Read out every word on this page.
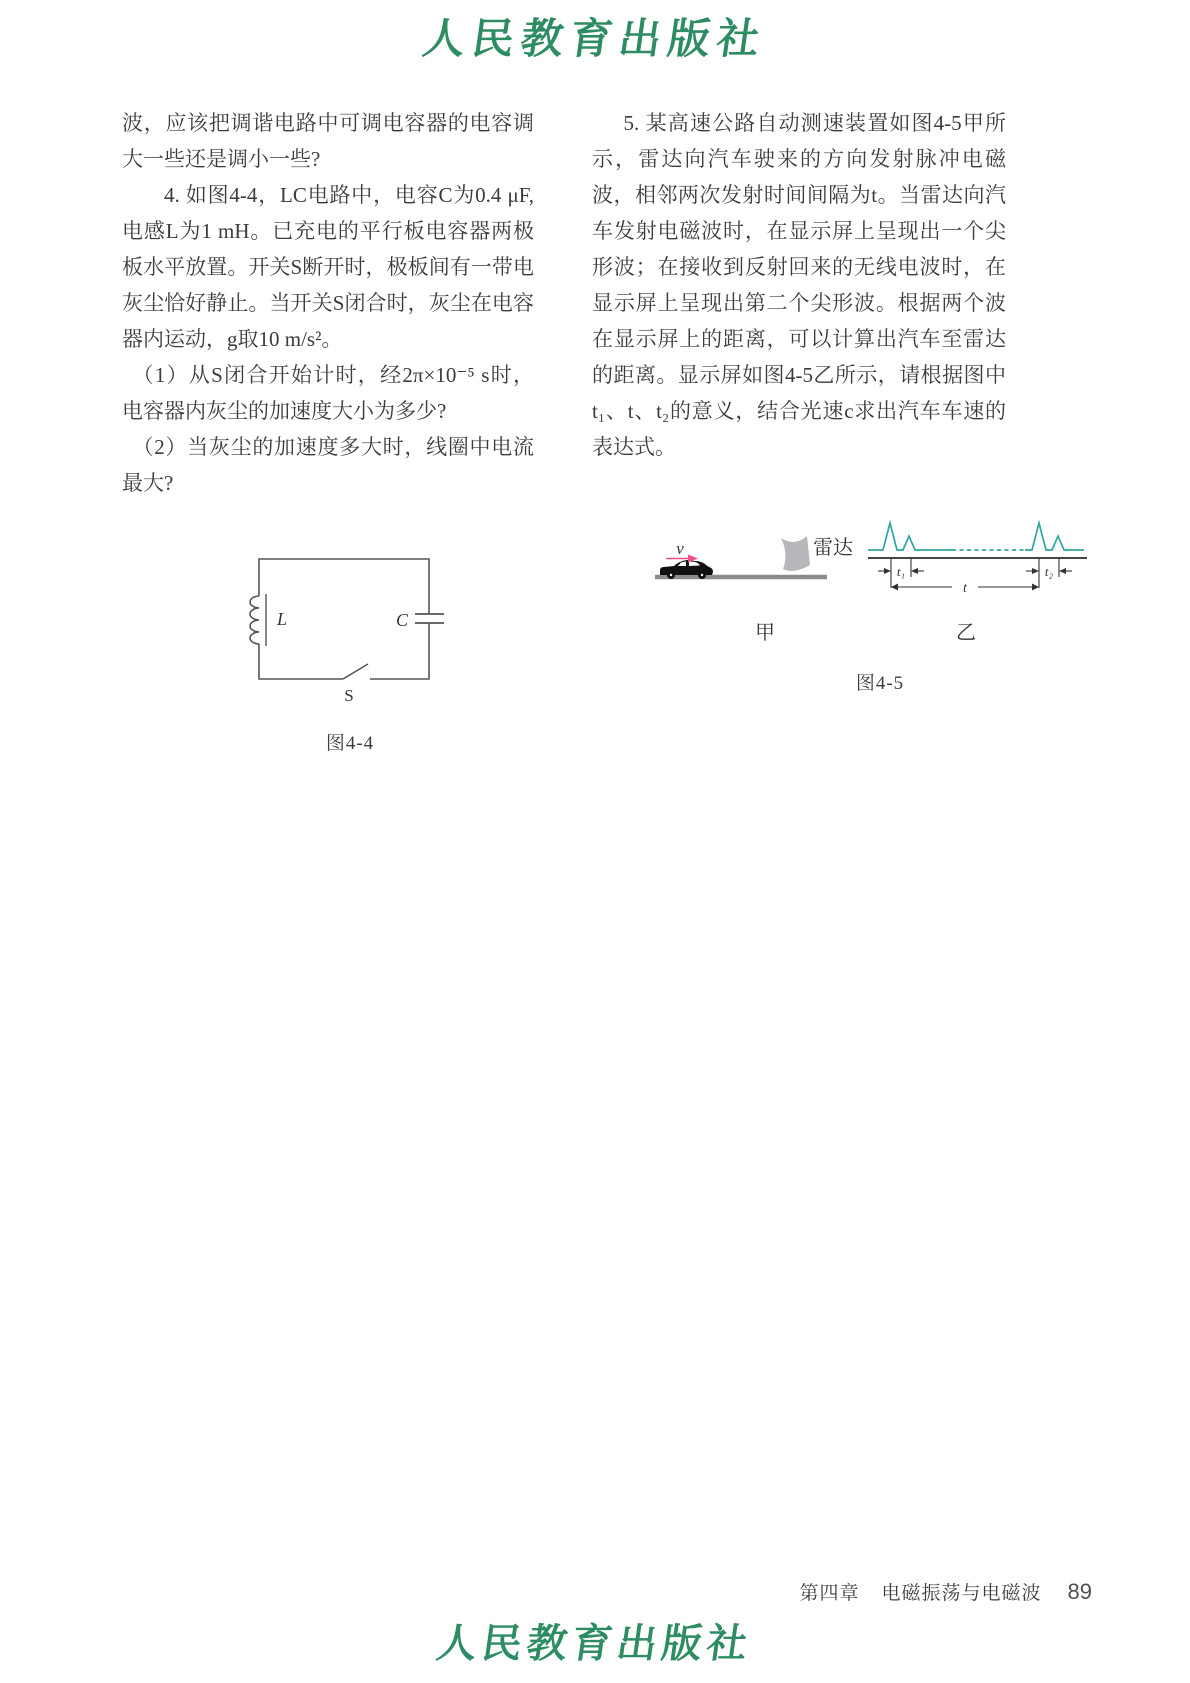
人民教育出版社

波，应该把调谐电路中可调电容器的电容调大一些还是调小一些?

4. 如图4-4，LC电路中，电容C为0.4 μF,电感L为1 mH。已充电的平行板电容器两极板水平放置。开关S断开时，极板间有一带电灰尘恰好静止。当开关S闭合时，灰尘在电容器内运动，g取10 m/s²。

（1）从S闭合开始计时，经2π×10⁻⁵ s时，电容器内灰尘的加速度大小为多少?

（2）当灰尘的加速度多大时，线圈中电流最大?

5. 某高速公路自动测速装置如图4-5甲所示，雷达向汽车驶来的方向发射脉冲电磁波，相邻两次发射时间间隔为t。当雷达向汽车发射电磁波时，在显示屏上呈现出一个尖形波；在接收到反射回来的无线电波时，在显示屏上呈现出第二个尖形波。根据两个波在显示屏上的距离，可以计算出汽车至雷达的距离。显示屏如图4-5乙所示，请根据图中t₁、t、t₂的意义，结合光速c求出汽车车速的表达式。

L	C
S
图4-4
v	雷达
t₁
t
t₂
甲	乙
图4-5
第四章 电磁振荡与电磁波 89
人民教育出版社
